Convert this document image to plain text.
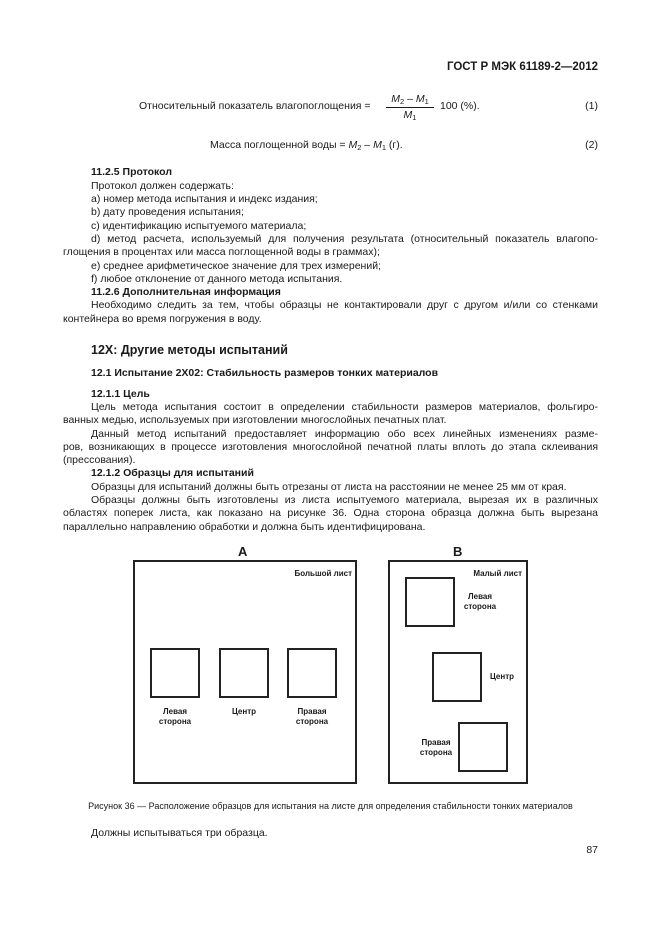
ГОСТ Р МЭК 61189-2—2012
Относительный показатель влагопоглощения = $\frac{M_2 - M_1}{M_1} 100$ (%).	(1)
Масса поглощенной воды = $M_2 - M_1$ (г).	(2)
11.2.5 Протокол
Протокол должен содержать:
a) номер метода испытания и индекс издания;
b) дату проведения испытания;
c) идентификацию испытуемого материала;
d) метод расчета, используемый для получения результата (относительный показатель влагопо-
глощения в процентах или масса поглощенной воды в граммах);
e) среднее арифметическое значение для трех измерений;
f) любое отклонение от данного метода испытания.
11.2.6 Дополнительная информация
Необходимо следить за тем, чтобы образцы не контактировали друг с другом и/или со стенками
контейнера во время погружения в воду.
12X: Другие методы испытаний
12.1 Испытание 2X02: Стабильность размеров тонких материалов
12.1.1 Цель
Цель метода испытания состоит в определении стабильности размеров материалов, фольгиро-
ванных медью, используемых при изготовлении многослойных печатных плат.
Данный метод испытаний предоставляет информацию обо всех линейных изменениях разме-
ров, возникающих в процессе изготовления многослойной печатной платы вплоть до этапа склеивания
(прессования).
12.1.2 Образцы для испытаний
Образцы для испытаний должны быть отрезаны от листа на расстоянии не менее 25 мм от края.
Образцы должны быть изготовлены из листа испытуемого материала, вырезая их в различных
областях поперек листа, как показано на рисунке 36. Одна сторона образца должна быть вырезана
параллельно направлению обработки и должна быть идентифицирована.
A
Большой лист
Левая
сторона
Центр	Правая
сторона
B
Малый лист
Левая
сторона
Центр
Правая
сторона
Рисунок 36 — Расположение образцов для испытания на листе для определения стабильности тонких материалов
Должны испытываться три образца.
87
